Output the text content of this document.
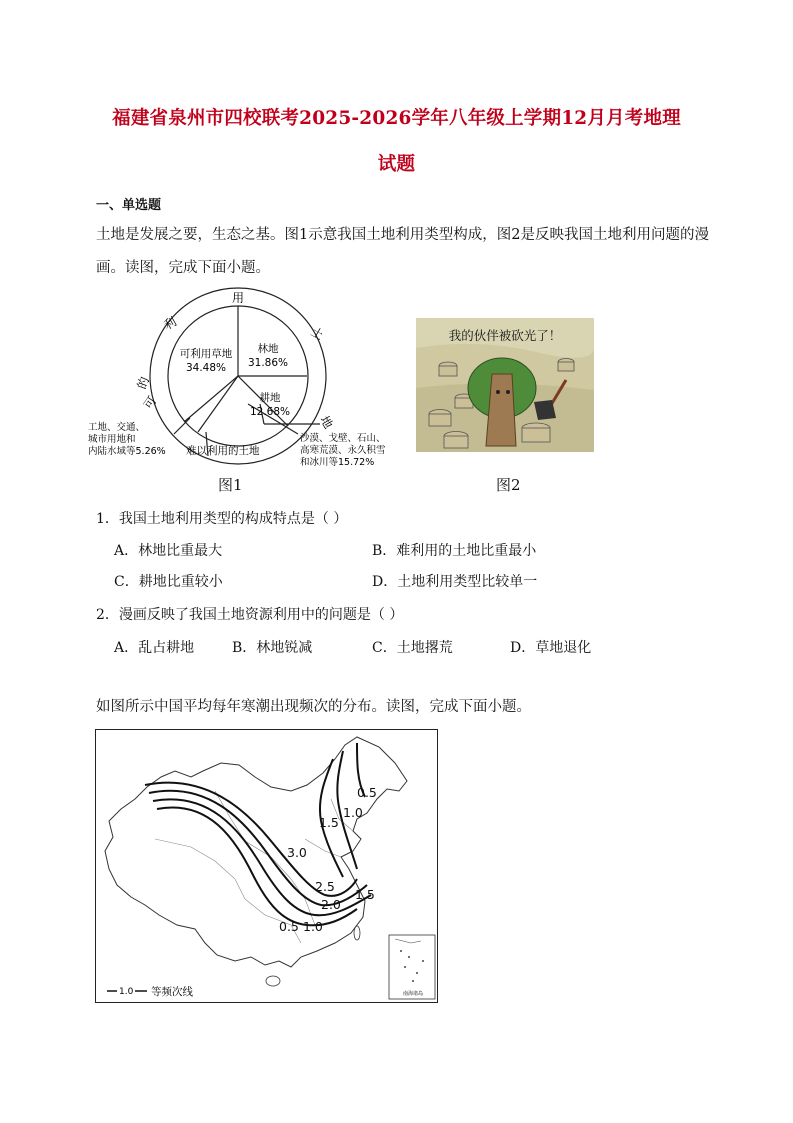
福建省泉州市四校联考2025-2026学年八年级上学期12月月考地理
试题
一、单选题
土地是发展之要，生态之基。图1示意我国土地利用类型构成，图2是反映我国土地利用问题的漫
画。读图，完成下面小题。
利
用
土
地
的
可
可利用草地
34.48%
林地
31.86%
耕地
12.68%
难以利用的土地
工地、交通、
城市用地和
内陆水域等5.26%
沙漠、戈壁、石山、
高寒荒漠、永久积雪
和冰川等15.72%
图1
我的伙伴被砍光了！
图2
1．我国土地利用类型的构成特点是（ ）
A．林地比重最大	B．难利用的土地比重最小
C．耕地比重较小	D．土地利用类型比较单一
2．漫画反映了我国土地资源利用中的问题是（ ）
A．乱占耕地	B．林地锐减	C．土地撂荒	D．草地退化
如图所示中国平均每年寒潮出现频次的分布。读图，完成下面小题。
0.5
1.0
1.5
3.0
2.5
2.0
1.5
0.5 1.0
南海诸岛
1.0 等频次线
